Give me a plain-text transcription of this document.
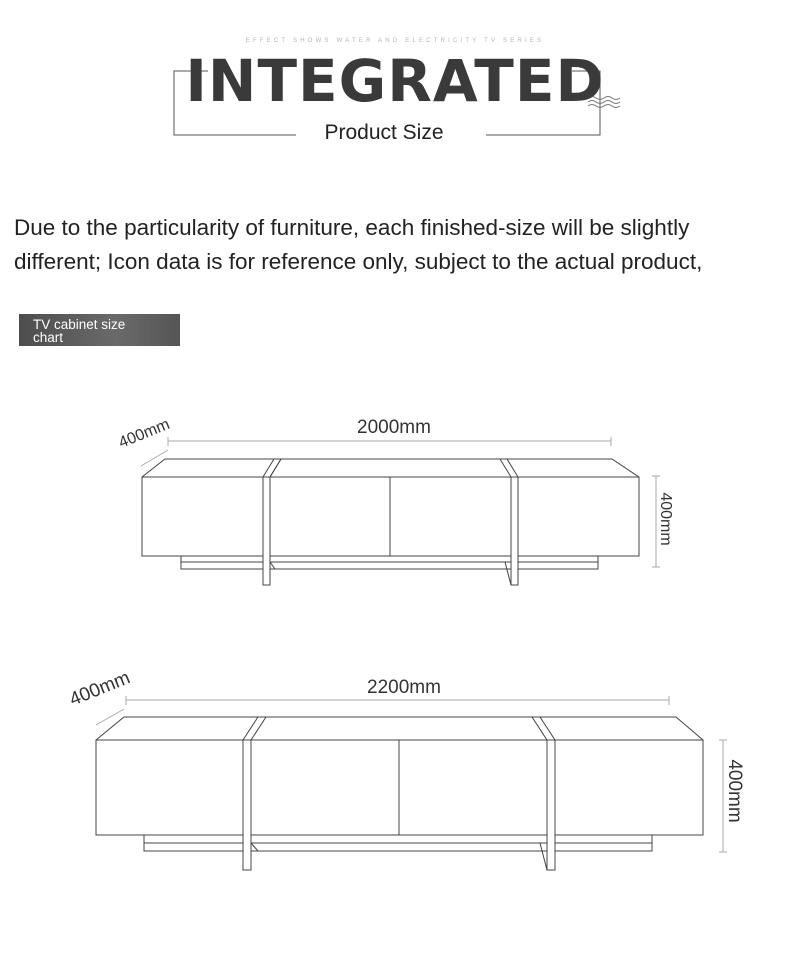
EFFECT SHOWS WATER AND ELECTRICITY TV SERIES
INTEGRATED
Product Size
Due to the particularity of furniture, each finished-size will be slightly
different; Icon data is for reference only, subject to the actual product,
TV cabinet size
chart
2000mm
400mm
400mm
2200mm
400mm
400mm
